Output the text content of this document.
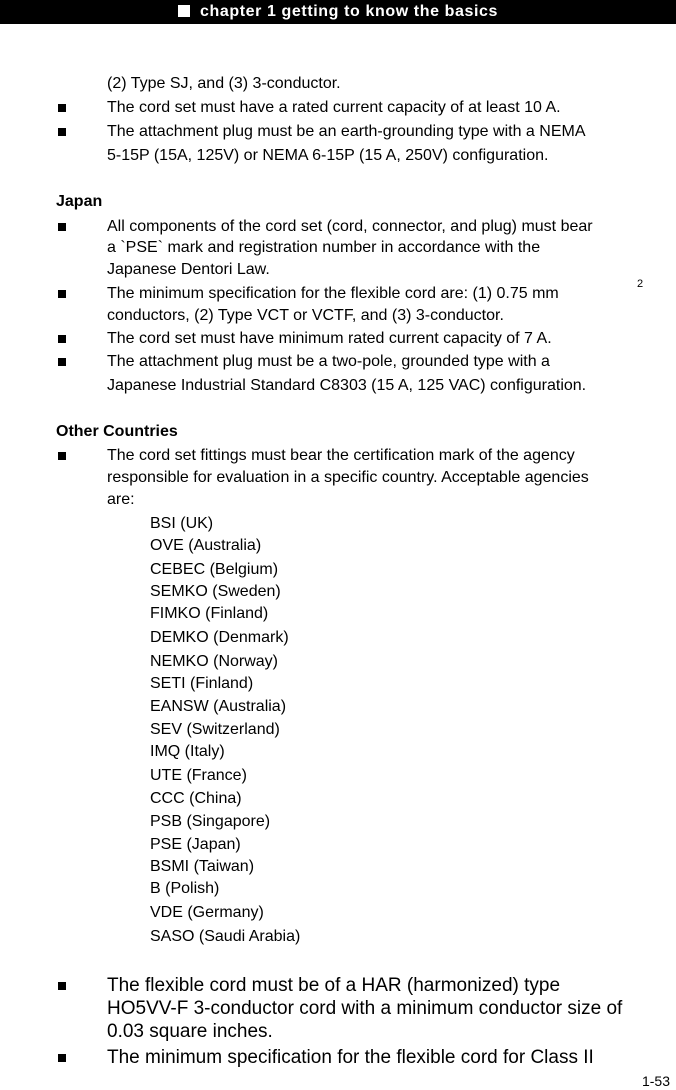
chapter 1 getting to know the basics
(2) Type SJ, and (3) 3-conductor.
The cord set must have a rated current capacity of at least 10 A.
The attachment plug must be an earth-grounding type with a NEMA
5-15P (15A, 125V) or NEMA 6-15P (15 A, 250V) configuration.
Japan
All components of the cord set (cord, connector, and plug) must bear
a `PSE` mark and registration number in accordance with the
Japanese Dentori Law.
The minimum specification for the flexible cord are: (1) 0.75 mm
2
conductors, (2) Type VCT or VCTF, and (3) 3-conductor.
The cord set must have minimum rated current capacity of 7 A.
The attachment plug must be a two-pole, grounded type with a
Japanese Industrial Standard C8303 (15 A, 125 VAC) configuration.
Other Countries
The cord set fittings must bear the certification mark of the agency
responsible for evaluation in a specific country. Acceptable agencies
are:
BSI (UK)
OVE (Australia)
CEBEC (Belgium)
SEMKO (Sweden)
FIMKO (Finland)
DEMKO (Denmark)
NEMKO (Norway)
SETI (Finland)
EANSW (Australia)
SEV (Switzerland)
IMQ (Italy)
UTE (France)
CCC (China)
PSB (Singapore)
PSE (Japan)
BSMI (Taiwan)
B (Polish)
VDE (Germany)
SASO (Saudi Arabia)
The flexible cord must be of a HAR (harmonized) type
HO5VV-F 3-conductor cord with a minimum conductor size of
0.03 square inches.
The minimum specification for the flexible cord for Class II
1-53
